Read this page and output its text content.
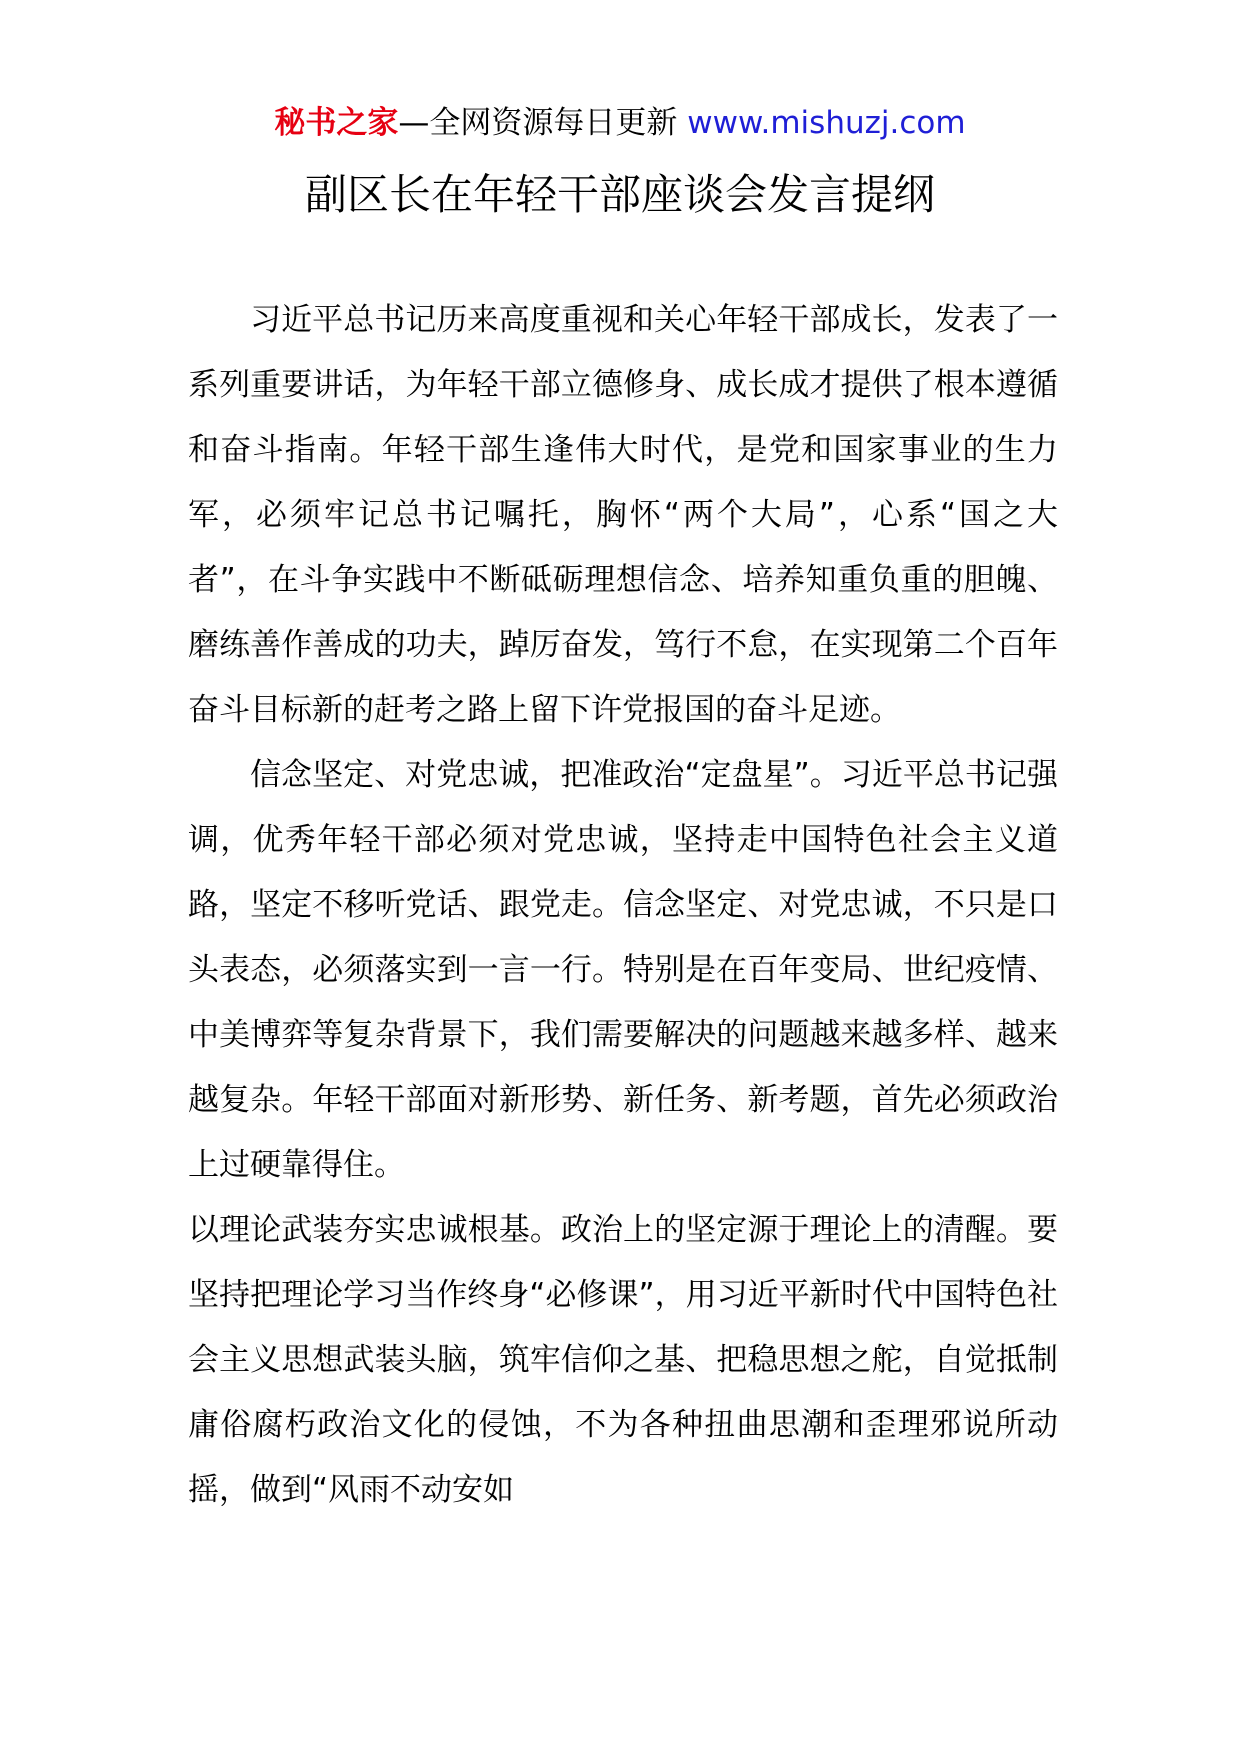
秘书之家—全网资源每日更新 www.mishuzj.com
副区长在年轻干部座谈会发言提纲

习近平总书记历来高度重视和关心年轻干部成长，发表了一系列重要讲话，为年轻干部立德修身、成长成才提供了根本遵循和奋斗指南。年轻干部生逢伟大时代，是党和国家事业的生力军，必须牢记总书记嘱托，胸怀“两个大局”，心系“国之大者”，在斗争实践中不断砥砺理想信念、培养知重负重的胆魄、磨练善作善成的功夫，踔厉奋发，笃行不怠，在实现第二个百年奋斗目标新的赶考之路上留下许党报国的奋斗足迹。

信念坚定、对党忠诚，把准政治“定盘星”。习近平总书记强调，优秀年轻干部必须对党忠诚，坚持走中国特色社会主义道路，坚定不移听党话、跟党走。信念坚定、对党忠诚，不只是口头表态，必须落实到一言一行。特别是在百年变局、世纪疫情、中美博弈等复杂背景下，我们需要解决的问题越来越多样、越来越复杂。年轻干部面对新形势、新任务、新考题，首先必须政治上过硬靠得住。

以理论武装夯实忠诚根基。政治上的坚定源于理论上的清醒。要坚持把理论学习当作终身“必修课”，用习近平新时代中国特色社会主义思想武装头脑，筑牢信仰之基、把稳思想之舵，自觉抵制庸俗腐朽政治文化的侵蚀，不为各种扭曲思潮和歪理邪说所动摇，做到“风雨不动安如
